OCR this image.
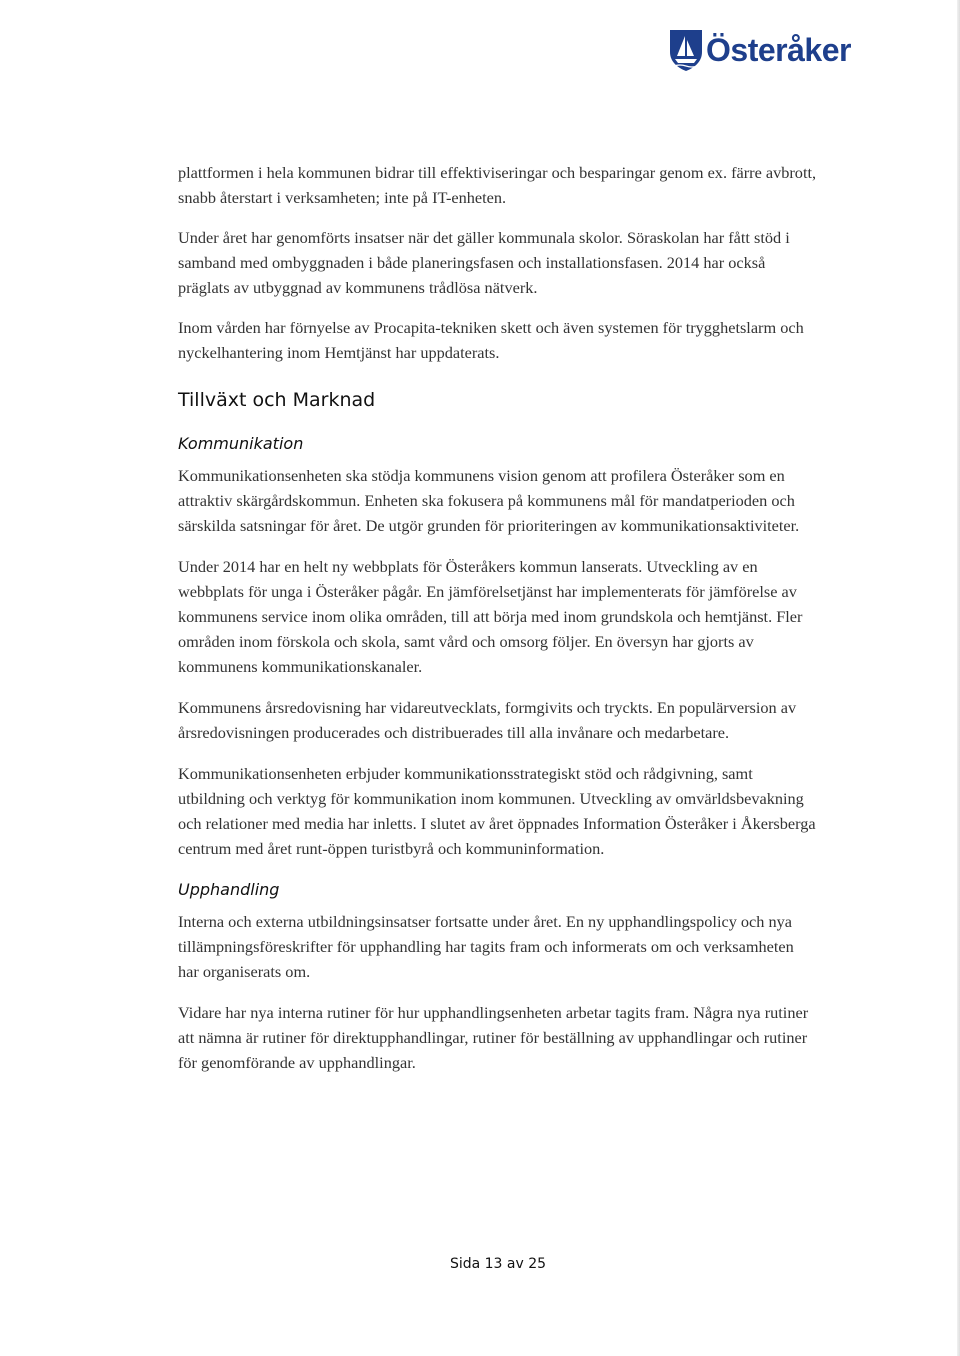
Österåker

plattformen i hela kommunen bidrar till effektiviseringar och besparingar genom ex. färre avbrott, snabb återstart i verksamheten; inte på IT-enheten.

Under året har genomförts insatser när det gäller kommunala skolor. Söraskolan har fått stöd i samband med ombyggnaden i både planeringsfasen och installationsfasen. 2014 har också präglats av utbyggnad av kommunens trådlösa nätverk.

Inom vården har förnyelse av Procapita-tekniken skett och även systemen för trygghetslarm och nyckelhantering inom Hemtjänst har uppdaterats.

Tillväxt och Marknad
Kommunikation

Kommunikationsenheten ska stödja kommunens vision genom att profilera Österåker som en attraktiv skärgårdskommun. Enheten ska fokusera på kommunens mål för mandatperioden och särskilda satsningar för året. De utgör grunden för prioriteringen av kommunikationsaktiviteter.

Under 2014 har en helt ny webbplats för Österåkers kommun lanserats. Utveckling av en webbplats för unga i Österåker pågår. En jämförelsetjänst har implementerats för jämförelse av kommunens service inom olika områden, till att börja med inom grundskola och hemtjänst. Fler områden inom förskola och skola, samt vård och omsorg följer. En översyn har gjorts av kommunens kommunikationskanaler.

Kommunens årsredovisning har vidareutvecklats, formgivits och tryckts. En populärversion av årsredovisningen producerades och distribuerades till alla invånare och medarbetare.

Kommunikationsenheten erbjuder kommunikationsstrategiskt stöd och rådgivning, samt utbildning och verktyg för kommunikation inom kommunen. Utveckling av omvärldsbevakning och relationer med media har inletts. I slutet av året öppnades Information Österåker i Åkersberga centrum med året runt-öppen turistbyrå och kommuninformation.

Upphandling

Interna och externa utbildningsinsatser fortsatte under året. En ny upphandlingspolicy och nya tillämpningsföreskrifter för upphandling har tagits fram och informerats om och verksamheten har organiserats om.

Vidare har nya interna rutiner för hur upphandlingsenheten arbetar tagits fram. Några nya rutiner att nämna är rutiner för direktupphandlingar, rutiner för beställning av upphandlingar och rutiner för genomförande av upphandlingar.

Sida 13 av 25
